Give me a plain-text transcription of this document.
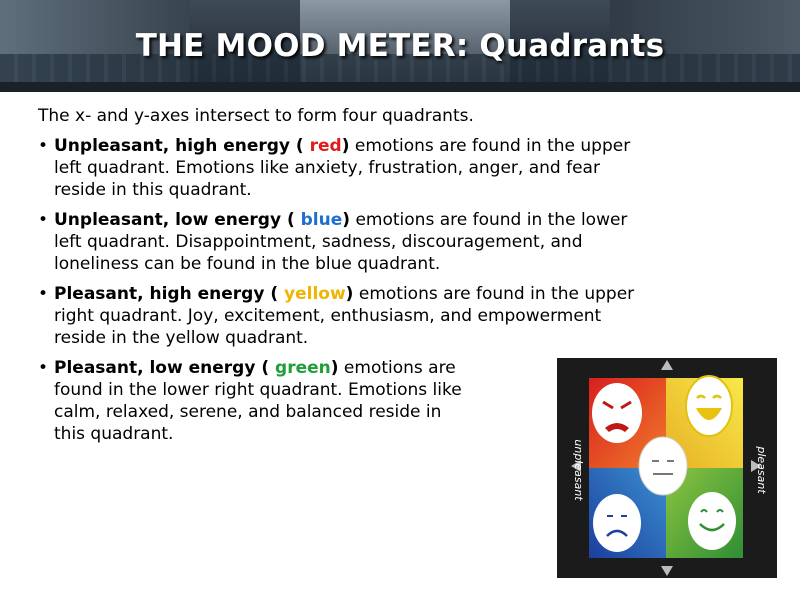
THE MOOD METER: Quadrants

The x- and y-axes intersect to form four quadrants.

• Unpleasant, high energy ( red) emotions are found in the upper left quadrant. Emotions like anxiety, frustration, anger, and fear reside in this quadrant.
• Unpleasant, low energy ( blue) emotions are found in the lower left quadrant. Disappointment, sadness, discouragement, and loneliness can be found in the blue quadrant.
• Pleasant, high energy ( yellow) emotions are found in the upper right quadrant. Joy, excitement, enthusiasm, and empowerment reside in the yellow quadrant.
• Pleasant, low energy ( green) emotions are found in the lower right quadrant. Emotions like calm, relaxed, serene, and balanced reside in this quadrant.
unpleasant	pleasant
